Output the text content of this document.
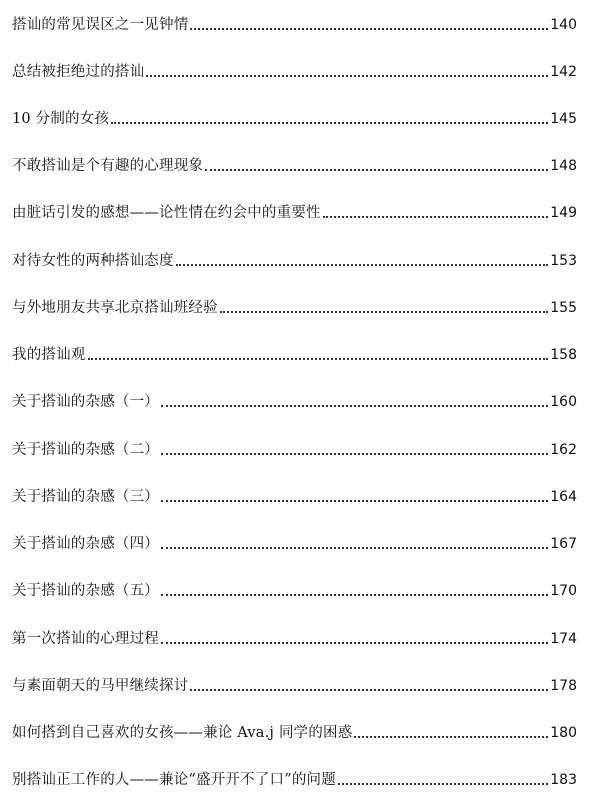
搭讪的常见误区之一见钟情	140
总结被拒绝过的搭讪	142
10 分制的女孩	145
不敢搭讪是个有趣的心理现象	148
由脏话引发的感想——论性情在约会中的重要性	149
对待女性的两种搭讪态度	153
与外地朋友共享北京搭讪班经验	155
我的搭讪观	158
关于搭讪的杂感（一）	160
关于搭讪的杂感（二）	162
关于搭讪的杂感（三）	164
关于搭讪的杂感（四）	167
关于搭讪的杂感（五）	170
第一次搭讪的心理过程	174
与素面朝天的马甲继续探讨	178
如何搭到自己喜欢的女孩——兼论 Ava.j 同学的困惑	180
别搭讪正工作的人——兼论“盛开开不了口”的问题	183
